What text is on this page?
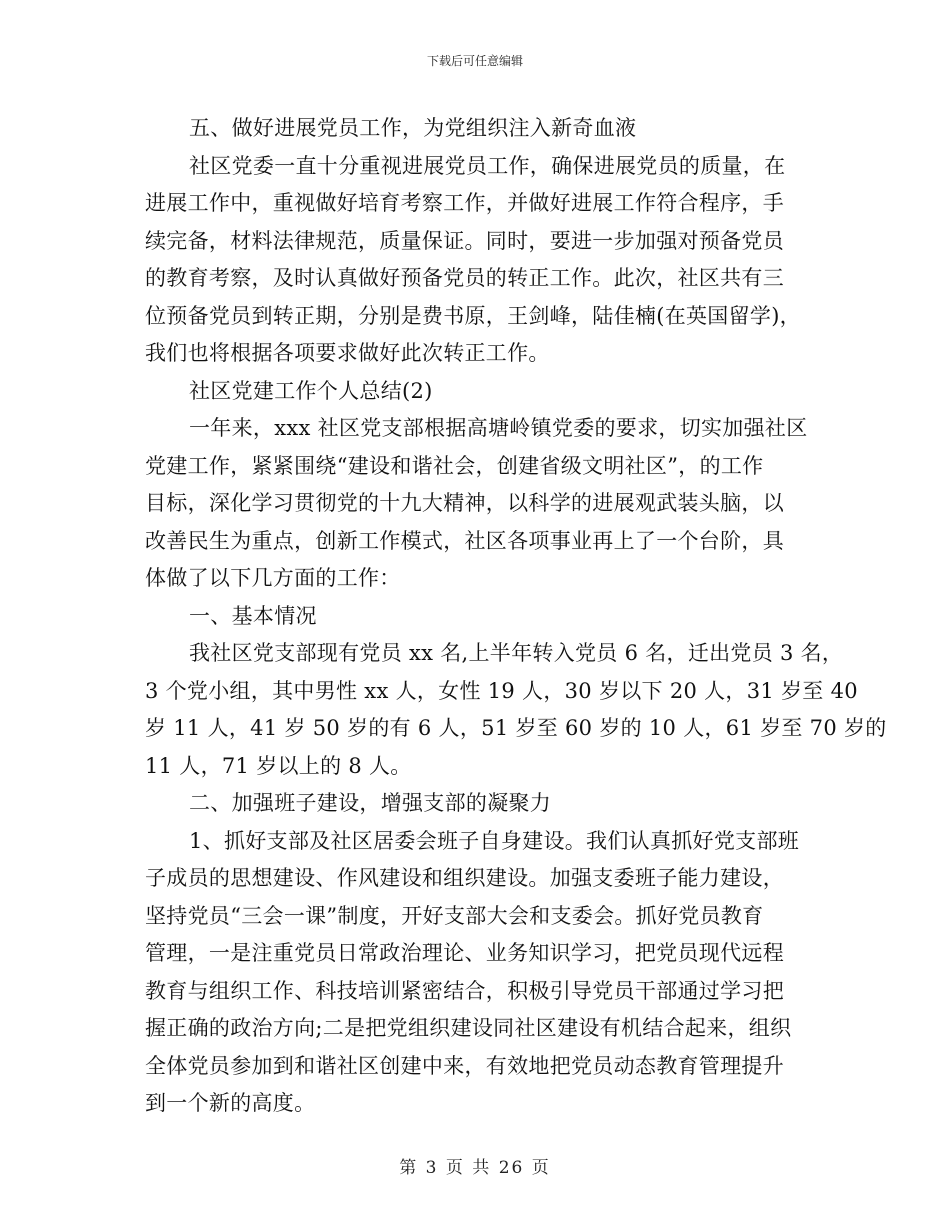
下载后可任意编辑
五、做好进展党员工作，为党组织注入新奇血液
社区党委一直十分重视进展党员工作，确保进展党员的质量，在
进展工作中，重视做好培育考察工作，并做好进展工作符合程序，手
续完备，材料法律规范，质量保证。同时，要进一步加强对预备党员
的教育考察，及时认真做好预备党员的转正工作。此次，社区共有三
位预备党员到转正期，分别是费书原，王剑峰，陆佳楠(在英国留学)，
我们也将根据各项要求做好此次转正工作。
社区党建工作个人总结(2)
一年来，xxx 社区党支部根据高塘岭镇党委的要求，切实加强社区
党建工作，紧紧围绕“建设和谐社会，创建省级文明社区”，的工作
目标，深化学习贯彻党的十九大精神，以科学的进展观武装头脑，以
改善民生为重点，创新工作模式，社区各项事业再上了一个台阶，具
体做了以下几方面的工作：
一、基本情况
我社区党支部现有党员 xx 名,上半年转入党员 6 名，迁出党员 3 名，
3 个党小组，其中男性 xx 人，女性 19 人，30 岁以下 20 人，31 岁至 40
岁 11 人，41 岁 50 岁的有 6 人，51 岁至 60 岁的 10 人，61 岁至 70 岁的
11 人，71 岁以上的 8 人。
二、加强班子建设，增强支部的凝聚力
1、抓好支部及社区居委会班子自身建设。我们认真抓好党支部班
子成员的思想建设、作风建设和组织建设。加强支委班子能力建设，
坚持党员“三会一课”制度，开好支部大会和支委会。抓好党员教育
管理，一是注重党员日常政治理论、业务知识学习，把党员现代远程
教育与组织工作、科技培训紧密结合，积极引导党员干部通过学习把
握正确的政治方向;二是把党组织建设同社区建设有机结合起来，组织
全体党员参加到和谐社区创建中来，有效地把党员动态教育管理提升
到一个新的高度。
第 3 页 共 26 页
